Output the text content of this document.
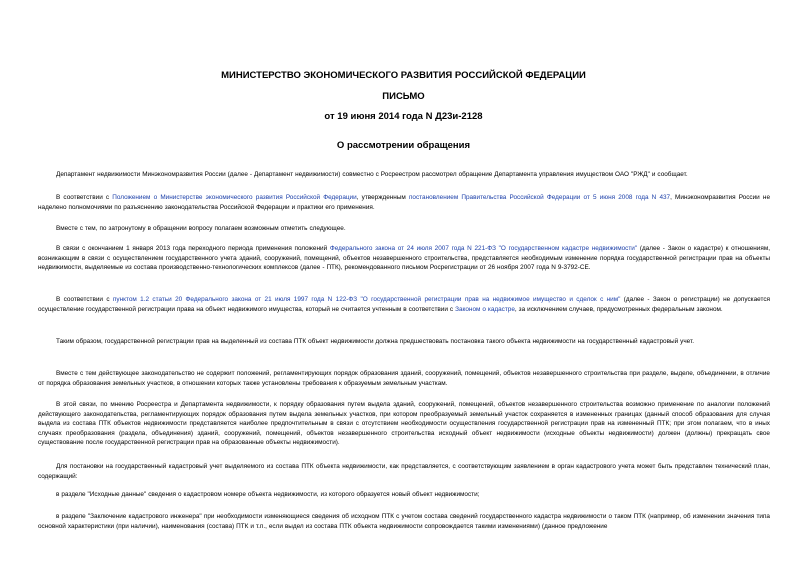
МИНИСТЕРСТВО ЭКОНОМИЧЕСКОГО РАЗВИТИЯ РОССИЙСКОЙ ФЕДЕРАЦИИ
ПИСЬМО
от 19 июня 2014 года N Д23и-2128
О рассмотрении обращения
Департамент недвижимости Минэкономразвития России (далее - Департамент недвижимости) совместно с Росреестром рассмотрел обращение Департамента управления имуществом ОАО "РЖД" и сообщает.
В соответствии с Положением о Министерстве экономического развития Российской Федерации, утвержденным постановлением Правительства Российской Федерации от 5 июня 2008 года N 437, Минэкономразвития России не наделено полномочиями по разъяснению законодательства Российской Федерации и практики его применения.
Вместе с тем, по затронутому в обращении вопросу полагаем возможным отметить следующее.
В связи с окончанием 1 января 2013 года переходного периода применения положений Федерального закона от 24 июля 2007 года N 221-ФЗ "О государственном кадастре недвижимости" (далее - Закон о кадастре) к отношениям, возникающим в связи с осуществлением государственного учета зданий, сооружений, помещений, объектов незавершенного строительства, представляется необходимым изменение порядка государственной регистрации прав на объекты недвижимости, выделяемые из состава производственно-технологических комплексов (далее - ПТК), рекомендованного письмом Росрегистрации от 26 ноября 2007 года N 9-3792-СЕ.
В соответствии с пунктом 1.2 статьи 20 Федерального закона от 21 июля 1997 года N 122-ФЗ "О государственной регистрации прав на недвижимое имущество и сделок с ним" (далее - Закон о регистрации) не допускается осуществление государственной регистрации права на объект недвижимого имущества, который не считается учтенным в соответствии с Законом о кадастре, за исключением случаев, предусмотренных федеральным законом.
Таким образом, государственной регистрации прав на выделенный из состава ПТК объект недвижимости должна предшествовать постановка такого объекта недвижимости на государственный кадастровый учет.
Вместе с тем действующее законодательство не содержит положений, регламентирующих порядок образования зданий, сооружений, помещений, объектов незавершенного строительства при разделе, выделе, объединении, в отличие от порядка образования земельных участков, в отношении которых также установлены требования к образуемым земельным участкам.
В этой связи, по мнению Росреестра и Департамента недвижимости, к порядку образования путем выдела зданий, сооружений, помещений, объектов незавершенного строительства возможно применение по аналогии положений действующего законодательства, регламентирующих порядок образования путем выдела земельных участков, при котором преобразуемый земельный участок сохраняется в измененных границах (данный способ образования для случая выдела из состава ПТК объектов недвижимости представляется наиболее предпочтительным в связи с отсутствием необходимости осуществления государственной регистрации прав на измененный ПТК; при этом полагаем, что в иных случаях преобразования (раздела, объединения) зданий, сооружений, помещений, объектов незавершенного строительства исходный объект недвижимости (исходные объекты недвижимости) должен (должны) прекращать свое существование после государственной регистрации прав на образованные объекты недвижимости).
Для постановки на государственный кадастровый учет выделяемого из состава ПТК объекта недвижимости, как представляется, с соответствующим заявлением в орган кадастрового учета может быть представлен технический план, содержащий:
в разделе "Исходные данные" сведения о кадастровом номере объекта недвижимости, из которого образуется новый объект недвижимости;
в разделе "Заключение кадастрового инженера" при необходимости изменяющиеся сведения об исходном ПТК с учетом состава сведений государственного кадастра недвижимости о таком ПТК (например, об изменении значения типа основной характеристики (при наличии), наименования (состава) ПТК и т.п., если выдел из состава ПТК объекта недвижимости сопровождается такими изменениями) (данное предложение
